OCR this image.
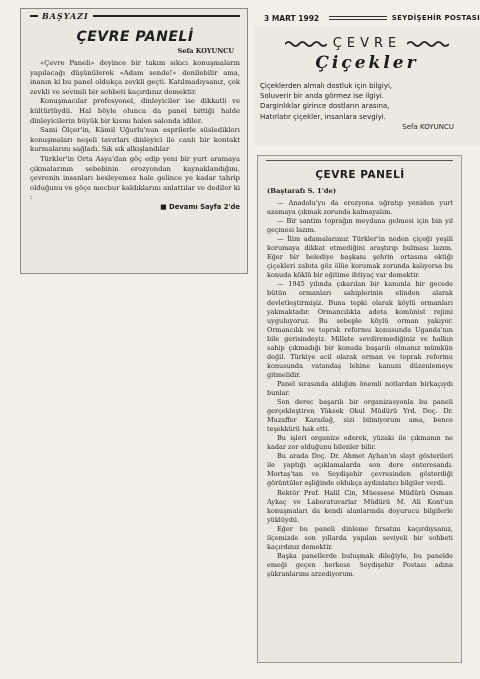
BAŞYAZI
ÇEVRE PANELİ
Sefa KOYUNCU

«Çevre Paneli» deyince bir takım sıkıcı konuşmaların yapılacağı düşünülerek «Adam sende!» denilebilir ama, inanın ki bu panel oldukça zevkli geçti. Katılmadıysanız, çok zevkli ve sevimli bir sohbeti kaçırdınız demektir.

Konuşmacılar profesyonel, dinleyiciler ise dikkatli ve kültürlüydü. Hal böyle olunca da panel bittiği halde dinleyicilerin büyük bir kısmı halen salonda idiler.

Sami Ölçer'in, Kâmil Uğurlu'nun esprilerle süslediklerı konuşmaları neşeli tavırları dinleyici ile canlı bir kontakt kurmalarını sağladı. Sık sık alkışlandılar

Türkler'in Orta Asya'dan göç edip yeni bir yurt aramaya çıkmalarının sebebinin erozyondan kaynaklandığını, çevrenin insanları besleyemez hale gelince ye kadar tahrip olduğunu ve göçe mecbur kaldıklarını anlattılar ve dediler ki :

■ Devamı Sayfa 2'de
3 MART 1992	SEYDİŞEHİR POSTASI
ÇEVRE
Çiçekler
Çiçeklerden almalı dostluk için bilgiyi,
Soluverir bir anda görmez ise ilgiyi.
Darginlıklar girince dostların arasına,
Hatırlatır çiçekler, insanlara sevgiyi.
Sefa KOYUNCU
ÇEVRE PANELİ
(Baştarafı S. 1'de)

— Anadolu'yu da erozyona uğratıp yeniden yurt azamaya çıkmak zorunda kalmayalım.

— Bir santim toprağın meydana gelmesi için bin yıl geçmesi lazım.

— İlim adamalarımız Türkler'in neden çiçeği yeşili korumaya dikkat etmediğini araştırıp bulması lazım. Eğer bir belediye başkanı şehrin ortasına ektiği çiçekleri zabıta göz ölüe korumak zorunda kalıyorsa bu konuda köklü bir eğitime ihtiyaç var demektir.

— 1945 yılında çıkarılan bir kanunla bir gecede bütün ormanları sahiplerinin elinden alarak devletleştirmişiz. Buna tepki olarak köylü ormanları yakmaktadır. Ormancılıkta adeta komünist rejimi uyguluyoruz. Bu sebeple köylü orman yakıyor. Ormancılık ve toprak reformu konusunda Uganda'nın bile gerisindeyiz. Millete sevdiremediğiniz ve halkın sahip çıkmadığı bir konuda başarılı olmanız mümkün değil. Türkiye acil olarak orman ve toprak reformu konusunda vatandaş lehine kanuni düzenlemeye gitmelidir.

Panel sırasında aldığım önemli notlardan birkaçıydı bunlar.

Son derec başarılı bir organizasyonla bu paneli gerçekleştiren Yüksek Okul Müdürü Yrd. Doç. Dr. Muzaffer Karadağ, sizi bilmiyorum ama, bence teşekkürü hak etti.

Bu işleri organize ederek, yüzakı ile çıkmanın ne kadar zor olduğunu bilenler bilir.

Bu arada Doç. Dr. Ahmet Ayhan'ın slayt gösterileri ile yaptığı açıklamalarda son dere enteresandı. Mortaş'tan ve Seydişehir çevresinden gösterdiği görüntüler eşliğinde oldukça aydınlatıcı bilgiler verdi.

Rektör Prof. Halil Cin, Müessese Müdürü Osman Aykaç ve Laboratuvarlar Müdürü M. Ali Kont'un konuşmaları da kendi alanlarında doyurucu bilgilerle yüklüydü.

Eğer bu paneli dinleme fırsatını kaçırdıysanız, ilçemizde son yıllarda yapılan seviyeli bir sohbeti kaçırdınız demektir.

Başka panellerde buluşmak dileğiyle, bu panelde emeği geçen herkese Seydişehir Postası adına şükranlarımı arzediyorum.
